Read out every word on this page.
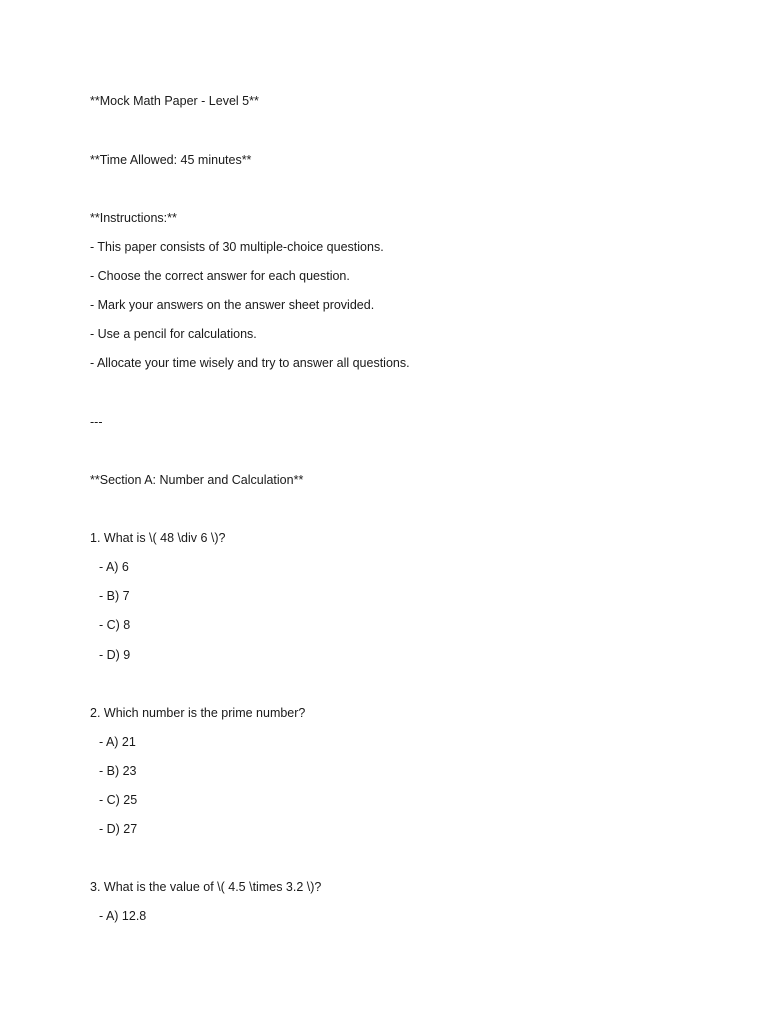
**Mock Math Paper - Level 5**

**Time Allowed: 45 minutes**

**Instructions:**

- This paper consists of 30 multiple-choice questions.

- Choose the correct answer for each question.

- Mark your answers on the answer sheet provided.

- Use a pencil for calculations.

- Allocate your time wisely and try to answer all questions.

---

**Section A: Number and Calculation**

1. What is \( 48 \div 6 \)?

- A) 6

- B) 7

- C) 8

- D) 9

2. Which number is the prime number?

- A) 21

- B) 23

- C) 25

- D) 27

3. What is the value of \( 4.5 \times 3.2 \)?

- A) 12.8
